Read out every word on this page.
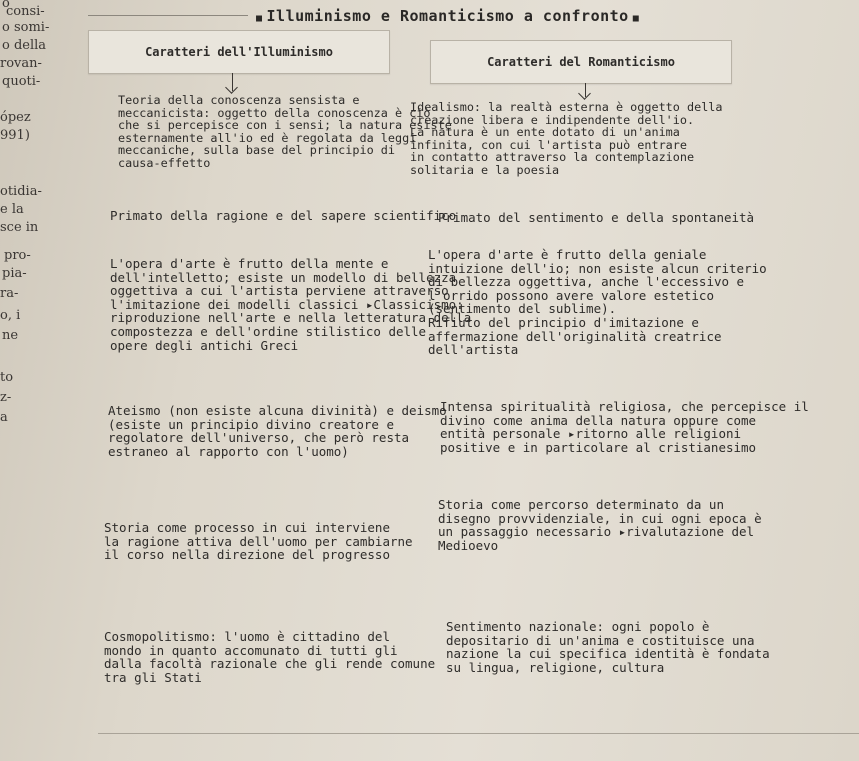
o
consi-
o somi-
o della
rovan-
quoti-
ópez
991)
otidia-
e la
sce in
pro-
pia-
ra-
o, i
ne
to
z-
a
■ Illuminismo e Romanticismo a confronto ■
Caratteri dell'Illuminismo
Caratteri del Romanticismo
Teoria della conoscenza sensista e
meccanicista: oggetto della conoscenza è ciò
che si percepisce con i sensi; la natura esiste
esternamente all'io ed è regolata da leggi
meccaniche, sulla base del principio di
causa-effetto
Idealismo: la realtà esterna è oggetto della
creazione libera e indipendente dell'io.
La natura è un ente dotato di un'anima
infinita, con cui l'artista può entrare
in contatto attraverso la contemplazione
solitaria e la poesia
Primato della ragione e del sapere scientifico
Primato del sentimento e della spontaneità
L'opera d'arte è frutto della mente e
dell'intelletto; esiste un modello di bellezza
oggettiva a cui l'artista perviene attraverso
l'imitazione dei modelli classici ▸Classicismo:
riproduzione nell'arte e nella letteratura della
compostezza e dell'ordine stilistico delle
opere degli antichi Greci
L'opera d'arte è frutto della geniale
intuizione dell'io; non esiste alcun criterio
di bellezza oggettiva, anche l'eccessivo e
l'orrido possono avere valore estetico
(sentimento del sublime).
Rifiuto del principio d'imitazione e
affermazione dell'originalità creatrice
dell'artista
Ateismo (non esiste alcuna divinità) e deismo
(esiste un principio divino creatore e
regolatore dell'universo, che però resta
estraneo al rapporto con l'uomo)
Intensa spiritualità religiosa, che percepisce il
divino come anima della natura oppure come
entità personale ▸ritorno alle religioni
positive e in particolare al cristianesimo
Storia come processo in cui interviene
la ragione attiva dell'uomo per cambiarne
il corso nella direzione del progresso
Storia come percorso determinato da un
disegno provvidenziale, in cui ogni epoca è
un passaggio necessario ▸rivalutazione del
Medioevo
Cosmopolitismo: l'uomo è cittadino del
mondo in quanto accomunato di tutti gli
dalla facoltà razionale che gli rende comune
tra gli Stati
Sentimento nazionale: ogni popolo è
depositario di un'anima e costituisce una
nazione la cui specifica identità è fondata
su lingua, religione, cultura
